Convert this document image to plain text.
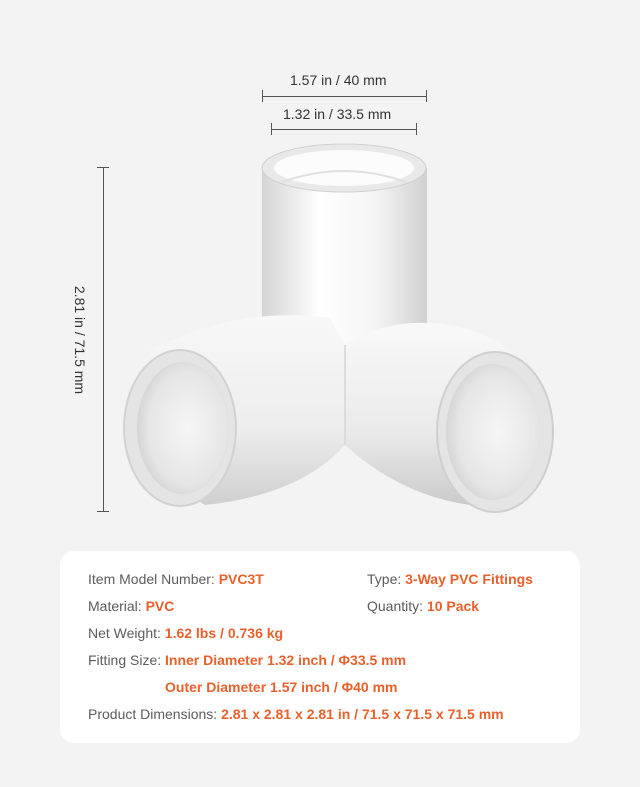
1.57 in / 40 mm
1.32 in / 33.5 mm
2.81 in / 71.5 mm
Item Model Number: PVC3T	Type: 3-Way PVC Fittings
Material: PVC	Quantity: 10 Pack
Net Weight: 1.62 lbs / 0.736 kg
Fitting Size: Inner Diameter 1.32 inch / Φ33.5 mm
Outer Diameter 1.57 inch / Φ40 mm
Product Dimensions: 2.81 x 2.81 x 2.81 in / 71.5 x 71.5 x 71.5 mm
